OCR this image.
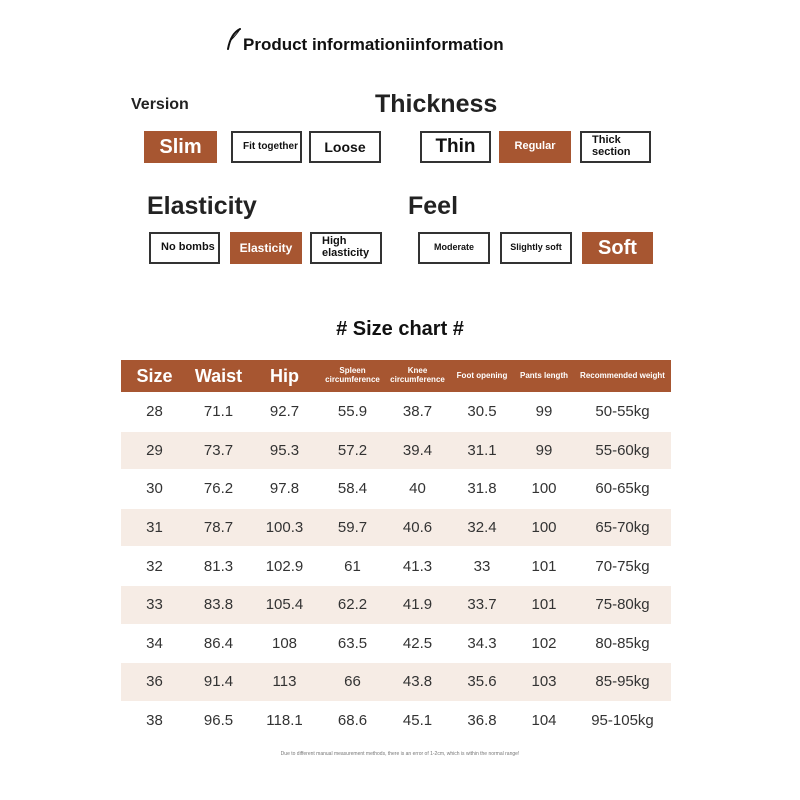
Product informationiinformation
Version
Slim	Fit together	Loose
Thickness
Thin	Regular	Thick section
Elasticity
No bombs	Elasticity	High elasticity
Feel
Moderate	Slightly soft	Soft
# Size chart #
Size	Waist	Hip	Spleen circumference	Knee circumference	Foot opening	Pants length	Recommended weight
28	71.1	92.7	55.9	38.7	30.5	99	50-55kg
29	73.7	95.3	57.2	39.4	31.1	99	55-60kg
30	76.2	97.8	58.4	40	31.8	100	60-65kg
31	78.7	100.3	59.7	40.6	32.4	100	65-70kg
32	81.3	102.9	61	41.3	33	101	70-75kg
33	83.8	105.4	62.2	41.9	33.7	101	75-80kg
34	86.4	108	63.5	42.5	34.3	102	80-85kg
36	91.4	113	66	43.8	35.6	103	85-95kg
38	96.5	118.1	68.6	45.1	36.8	104	95-105kg
Due to different manual measurement methods, there is an error of 1-2cm, which is within the normal range!
